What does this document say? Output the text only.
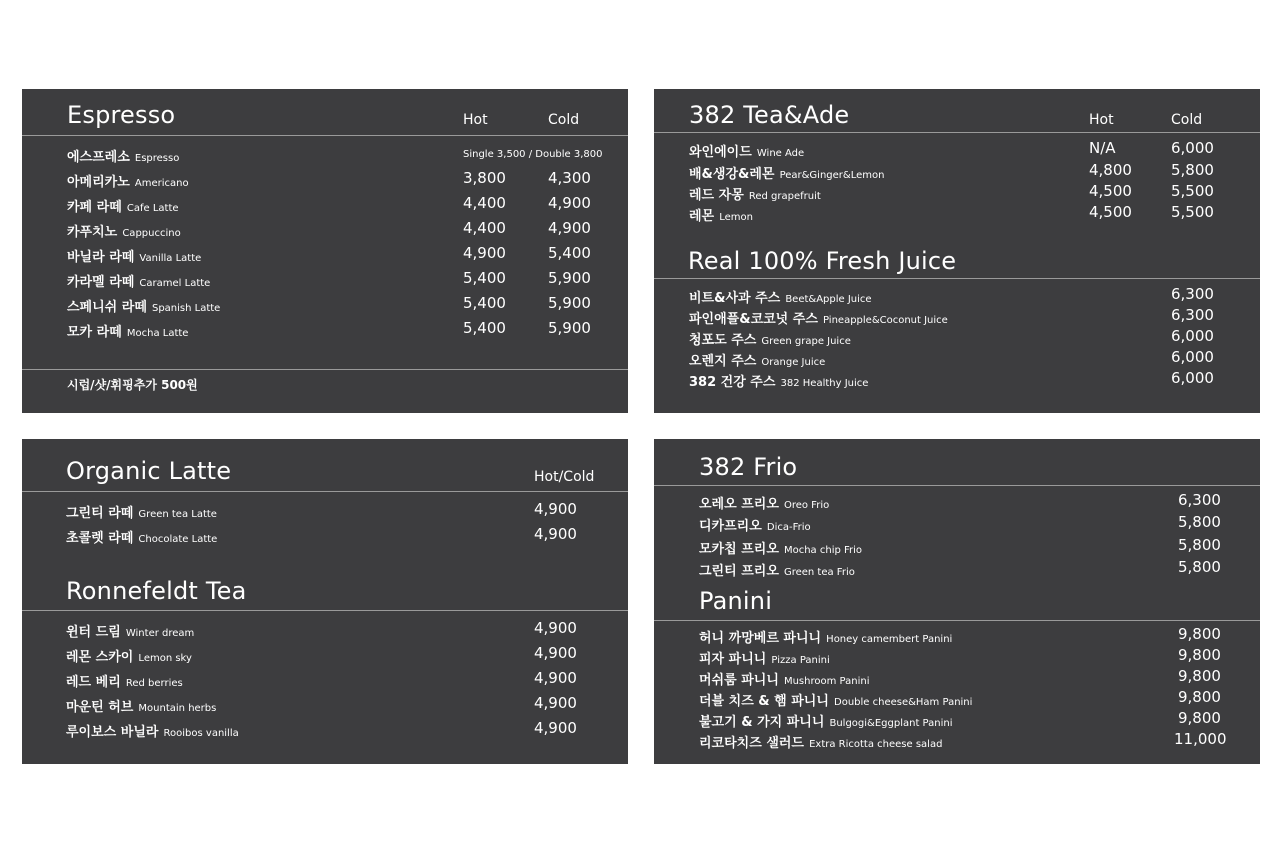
Espresso	Hot	Cold
에스프레소 Espresso	Single 3,500 / Double 3,800
아메리카노 Americano	3,800	4,300
카페 라떼 Cafe Latte	4,400	4,900
카푸치노 Cappuccino	4,400	4,900
바닐라 라떼 Vanilla Latte	4,900	5,400
카라멜 라떼 Caramel Latte	5,400	5,900
스페니쉬 라떼 Spanish Latte	5,400	5,900
모카 라떼 Mocha Latte	5,400	5,900
시럽/샷/휘핑추가 500원
382 Tea&Ade	Hot	Cold
와인에이드 Wine Ade	N/A	6,000
배&생강&레몬 Pear&Ginger&Lemon	4,800	5,800
레드 자몽 Red grapefruit	4,500	5,500
레몬 Lemon	4,500	5,500
Real 100% Fresh Juice
비트&사과 주스 Beet&Apple Juice	6,300
파인애플&코코넛 주스 Pineapple&Coconut Juice	6,300
청포도 주스 Green grape Juice	6,000
오렌지 주스 Orange Juice	6,000
382 건강 주스 382 Healthy Juice	6,000
Organic Latte	Hot/Cold
그린티 라떼 Green tea Latte	4,900
초콜렛 라떼 Chocolate Latte	4,900
Ronnefeldt Tea
윈터 드림 Winter dream	4,900
레몬 스카이 Lemon sky	4,900
레드 베리 Red berries	4,900
마운틴 허브 Mountain herbs	4,900
루이보스 바닐라 Rooibos vanilla	4,900
382 Frio
오레오 프리오 Oreo Frio	6,300
디카프리오 Dica-Frio	5,800
모카칩 프리오 Mocha chip Frio	5,800
그린티 프리오 Green tea Frio	5,800
Panini
허니 까망베르 파니니 Honey camembert Panini	9,800
피자 파니니 Pizza Panini	9,800
머쉬룸 파니니 Mushroom Panini	9,800
더블 치즈 & 햄 파니니 Double cheese&Ham Panini	9,800
불고기 & 가지 파니니 Bulgogi&Eggplant Panini	9,800
리코타치즈 샐러드 Extra Ricotta cheese salad	11,000
